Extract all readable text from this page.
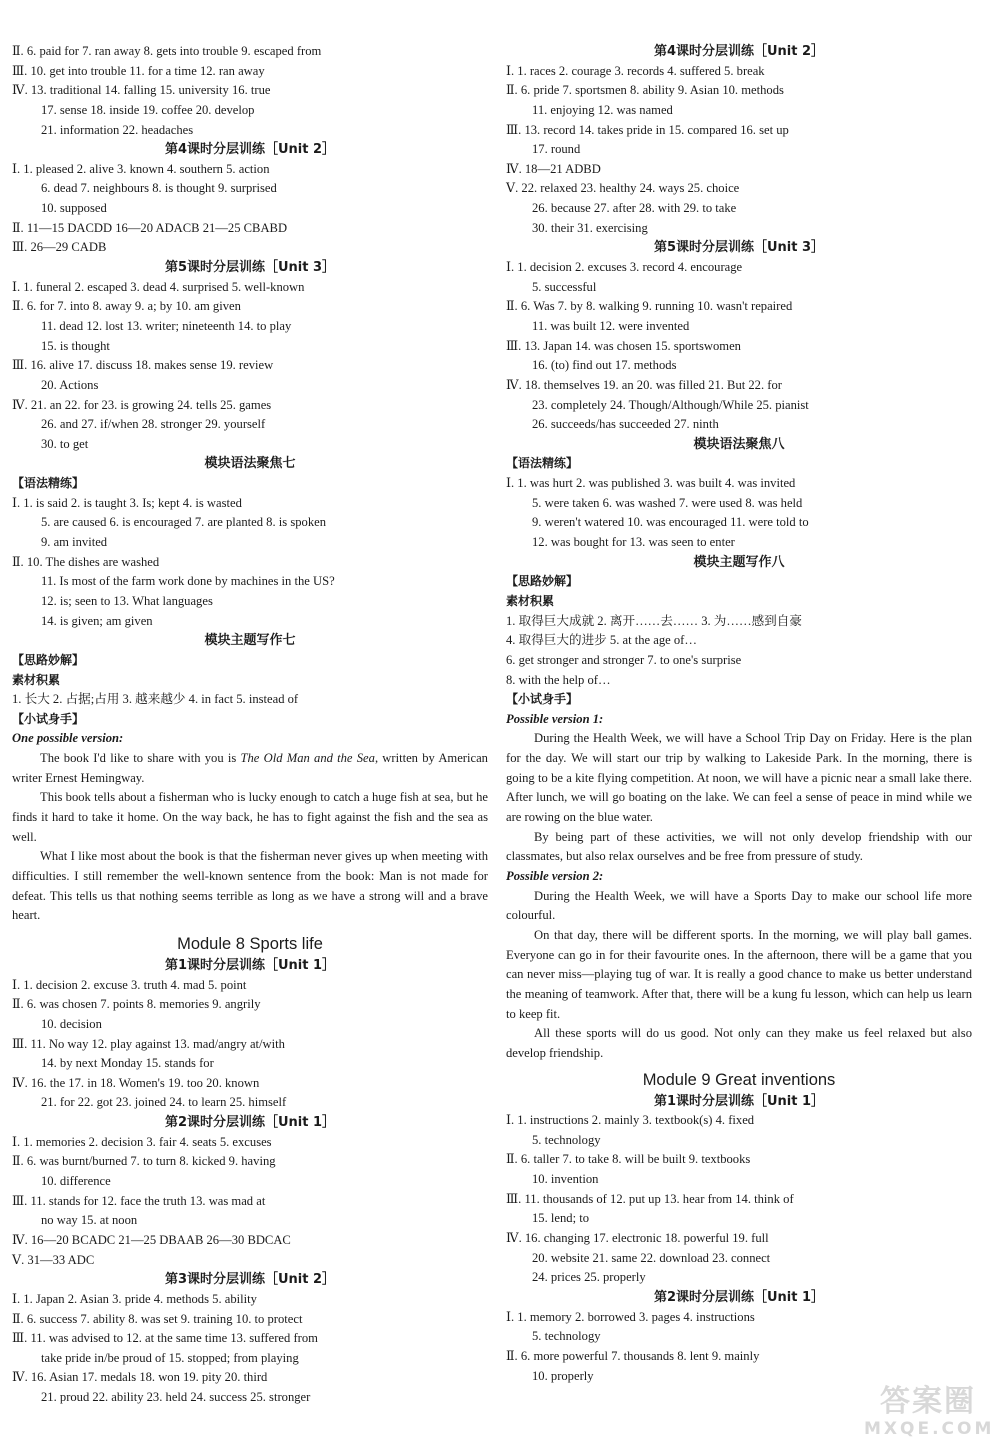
Ⅱ. 6. paid for 7. ran away 8. gets into trouble 9. escaped from
Ⅲ. 10. get into trouble 11. for a time 12. ran away
Ⅳ. 13. traditional 14. falling 15. university 16. true
17. sense 18. inside 19. coffee 20. develop
21. information 22. headaches
第4课时分层训练［Unit 2］
Ⅰ. 1. pleased 2. alive 3. known 4. southern 5. action
6. dead 7. neighbours 8. is thought 9. surprised
10. supposed
Ⅱ. 11—15 DACDD 16—20 ADACB 21—25 CBABD
Ⅲ. 26—29 CADB
第5课时分层训练［Unit 3］
Ⅰ. 1. funeral 2. escaped 3. dead 4. surprised 5. well-known
Ⅱ. 6. for 7. into 8. away 9. a; by 10. am given
11. dead 12. lost 13. writer; nineteenth 14. to play
15. is thought
Ⅲ. 16. alive 17. discuss 18. makes sense 19. review
20. Actions
Ⅳ. 21. an 22. for 23. is growing 24. tells 25. games
26. and 27. if/when 28. stronger 29. yourself
30. to get
模块语法聚焦七
【语法精练】
Ⅰ. 1. is said 2. is taught 3. Is; kept 4. is wasted
5. are caused 6. is encouraged 7. are planted 8. is spoken
9. am invited
Ⅱ. 10. The dishes are washed
11. Is most of the farm work done by machines in the US?
12. is; seen to 13. What languages
14. is given; am given
模块主题写作七
【思路妙解】
素材积累
1. 长大 2. 占据;占用 3. 越来越少 4. in fact 5. instead of
【小试身手】
One possible version:
The book I'd like to share with you is The Old Man and the Sea, written by American writer Ernest Hemingway.
This book tells about a fisherman who is lucky enough to catch a huge fish at sea, but he finds it hard to take it home. On the way back, he has to fight against the fish and the sea as well.
What I like most about the book is that the fisherman never gives up when meeting with difficulties. I still remember the well-known sentence from the book: Man is not made for defeat. This tells us that nothing seems terrible as long as we have a strong will and a brave heart.
Module 8 Sports life
第1课时分层训练［Unit 1］
Ⅰ. 1. decision 2. excuse 3. truth 4. mad 5. point
Ⅱ. 6. was chosen 7. points 8. memories 9. angrily
10. decision
Ⅲ. 11. No way 12. play against 13. mad/angry at/with
14. by next Monday 15. stands for
Ⅳ. 16. the 17. in 18. Women's 19. too 20. known
21. for 22. got 23. joined 24. to learn 25. himself
第2课时分层训练［Unit 1］
Ⅰ. 1. memories 2. decision 3. fair 4. seats 5. excuses
Ⅱ. 6. was burnt/burned 7. to turn 8. kicked 9. having
10. difference
Ⅲ. 11. stands for 12. face the truth 13. was mad at
no way 15. at noon
Ⅳ. 16—20 BCADC 21—25 DBAAB 26—30 BDCAC
Ⅴ. 31—33 ADC
第3课时分层训练［Unit 2］
Ⅰ. 1. Japan 2. Asian 3. pride 4. methods 5. ability
Ⅱ. 6. success 7. ability 8. was set 9. training 10. to protect
Ⅲ. 11. was advised to 12. at the same time 13. suffered from
take pride in/be proud of 15. stopped; from playing
Ⅳ. 16. Asian 17. medals 18. won 19. pity 20. third
21. proud 22. ability 23. held 24. success 25. stronger
第4课时分层训练［Unit 2］
Ⅰ. 1. races 2. courage 3. records 4. suffered 5. break
Ⅱ. 6. pride 7. sportsmen 8. ability 9. Asian 10. methods
11. enjoying 12. was named
Ⅲ. 13. record 14. takes pride in 15. compared 16. set up
17. round
Ⅳ. 18—21 ADBD
Ⅴ. 22. relaxed 23. healthy 24. ways 25. choice
26. because 27. after 28. with 29. to take
30. their 31. exercising
第5课时分层训练［Unit 3］
Ⅰ. 1. decision 2. excuses 3. record 4. encourage
5. successful
Ⅱ. 6. Was 7. by 8. walking 9. running 10. wasn't repaired
11. was built 12. were invented
Ⅲ. 13. Japan 14. was chosen 15. sportswomen
16. (to) find out 17. methods
Ⅳ. 18. themselves 19. an 20. was filled 21. But 22. for
23. completely 24. Though/Although/While 25. pianist
26. succeeds/has succeeded 27. ninth
模块语法聚焦八
【语法精练】
Ⅰ. 1. was hurt 2. was published 3. was built 4. was invited
5. were taken 6. was washed 7. were used 8. was held
9. weren't watered 10. was encouraged 11. were told to
12. was bought for 13. was seen to enter
模块主题写作八
【思路妙解】
素材积累
1. 取得巨大成就 2. 离开……去…… 3. 为……感到自豪
4. 取得巨大的进步 5. at the age of…
6. get stronger and stronger 7. to one's surprise
8. with the help of…
【小试身手】
Possible version 1:
During the Health Week, we will have a School Trip Day on Friday. Here is the plan for the day. We will start our trip by walking to Lakeside Park. In the morning, there is going to be a kite flying competition. At noon, we will have a picnic near a small lake there. After lunch, we will go boating on the lake. We can feel a sense of peace in mind while we are rowing on the blue water.
By being part of these activities, we will not only develop friendship with our classmates, but also relax ourselves and be free from pressure of study.
Possible version 2:
During the Health Week, we will have a Sports Day to make our school life more colourful.
On that day, there will be different sports. In the morning, we will play ball games. Everyone can go in for their favourite ones. In the afternoon, there will be a game that you can never miss—playing tug of war. It is really a good chance to make us better understand the meaning of teamwork. After that, there will be a kung fu lesson, which can help us learn to keep fit.
All these sports will do us good. Not only can they make us feel relaxed but also develop friendship.
Module 9 Great inventions
第1课时分层训练［Unit 1］
Ⅰ. 1. instructions 2. mainly 3. textbook(s) 4. fixed
5. technology
Ⅱ. 6. taller 7. to take 8. will be built 9. textbooks
10. invention
Ⅲ. 11. thousands of 12. put up 13. hear from 14. think of
15. lend; to
Ⅳ. 16. changing 17. electronic 18. powerful 19. full
20. website 21. same 22. download 23. connect
24. prices 25. properly
第2课时分层训练［Unit 1］
Ⅰ. 1. memory 2. borrowed 3. pages 4. instructions
5. technology
Ⅱ. 6. more powerful 7. thousands 8. lent 9. mainly
10. properly
答案圈
MXQE.COM
